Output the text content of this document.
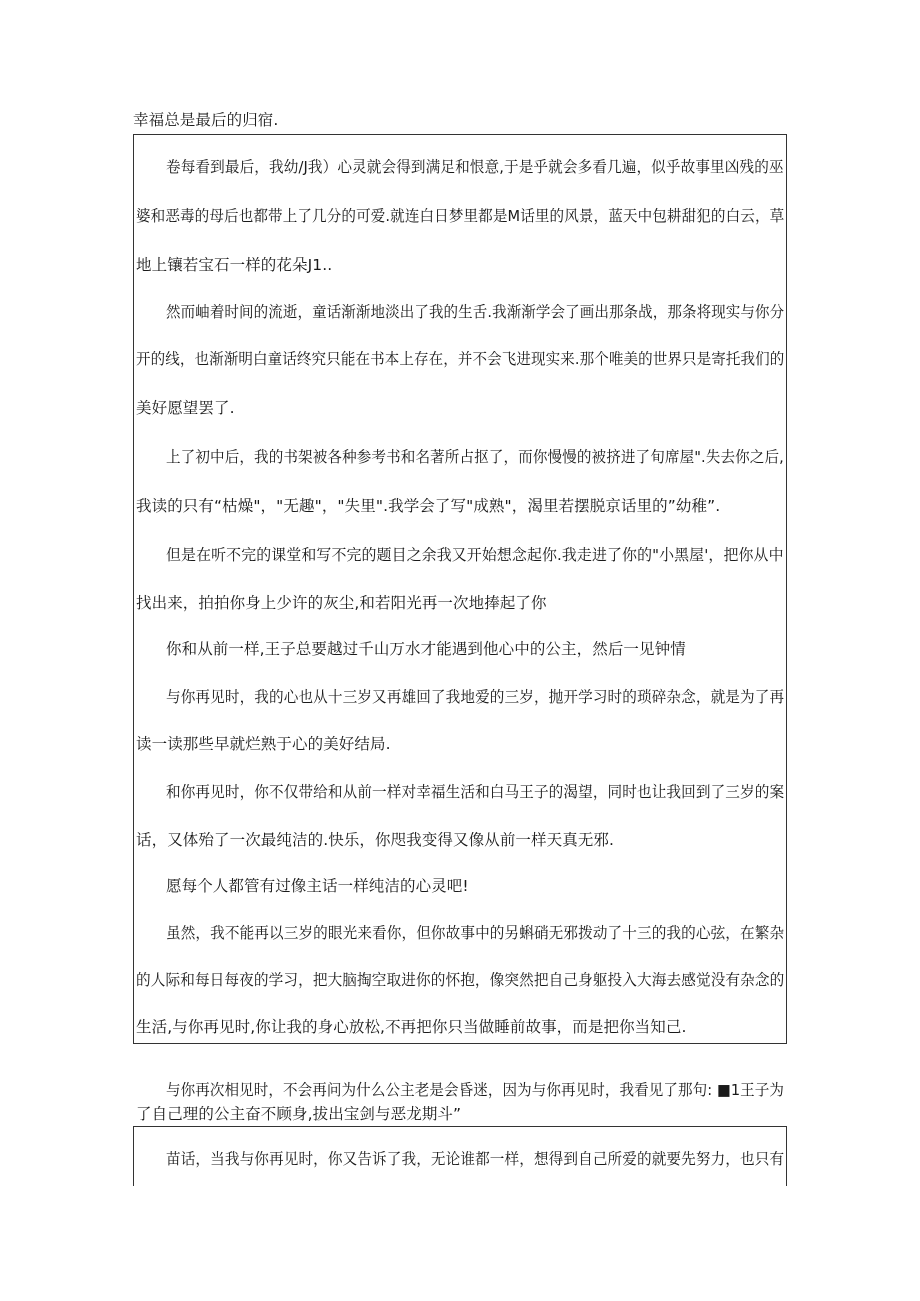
幸福总是最后的归宿.
卷每看到最后，我幼/J我）心灵就会得到满足和恨意,于是乎就会多看几遍，似乎故事里凶残的巫
婆和恶毒的母后也都带上了几分的可爱.就连白日梦里都是M话里的风景，蓝天中包耕甜犯的白云，草
地上镶若宝石一样的花朵J1..
然而岫着时间的流逝，童话渐渐地淡出了我的生舌.我渐渐学会了画出那条战，那条将现实与你分
开的线，也渐渐明白童话终究只能在书本上存在，并不会飞进现实来.那个唯美的世界只是寄托我们的
美好愿望罢了.
上了初中后，我的书架被各种参考书和名著所占抠了，而你慢慢的被挤进了旬席屋".失去你之后,
我读的只有“枯燥"，"无趣"，"失里".我学会了写"成熟"，渴里若摆脱京话里的”幼稚”.
但是在听不完的课堂和写不完的题目之余我又开始想念起你.我走进了你的"小黑屋'，把你从中
找出来，拍拍你身上少许的灰尘,和若阳光再一次地捧起了你
你和从前一样,王子总要越过千山万水才能遇到他心中的公主，然后一见钟情
与你再见时，我的心也从十三岁又再雄回了我地爱的三岁，抛开学习时的琐碎杂念，就是为了再
读一读那些早就烂熟于心的美好结局.
和你再见时，你不仅带给和从前一样对幸福生活和白马王子的渴望，同时也让我回到了三岁的案
话，又体殆了一次最纯洁的.快乐，你咫我变得又像从前一样天真无邪.
愿每个人都管有过像主话一样纯洁的心灵吧!
虽然，我不能再以三岁的眼光来看你，但你故事中的另蝌硝无邪拨动了十三的我的心弦，在繁杂
的人际和每日每夜的学习，把大脑掏空取进你的怀抱，像突然把自己身躯投入大海去感觉没有杂念的
生活,与你再见时,你让我的身心放松,不再把你只当做睡前故事，而是把你当知己.
与你再次相见时，不会再问为什么公主老是会昏迷，因为与你再见时，我看见了那句: ■1王子为
了自己理的公主奋不顾身,拔出宝剑与恶龙期斗”
苗话，当我与你再见时，你又告诉了我，无论谁都一样，想得到自己所爱的就要先努力，也只有
